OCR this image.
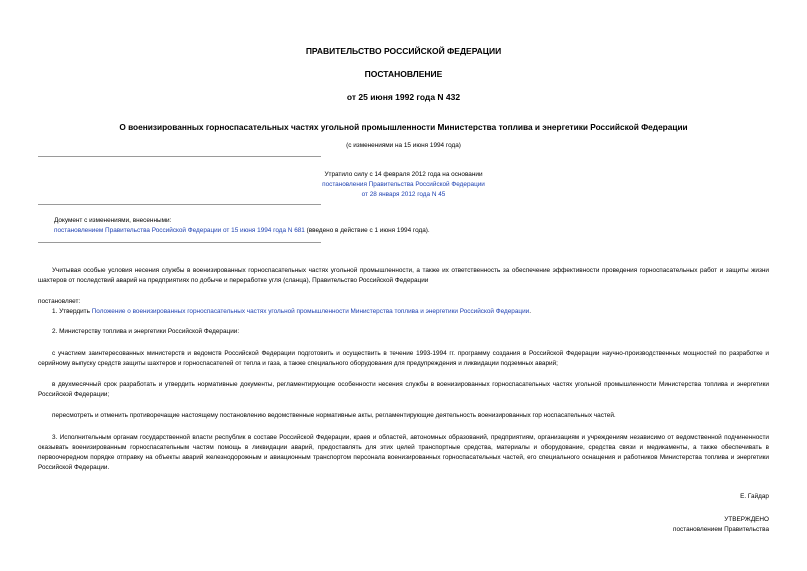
ПРАВИТЕЛЬСТВО РОССИЙСКОЙ ФЕДЕРАЦИИ
ПОСТАНОВЛЕНИЕ
от 25 июня 1992 года N 432
О военизированных горноспасательных частях угольной промышленности Министерства топлива и энергетики Российской Федерации
(с изменениями на 15 июня 1994 года)
Утратило силу с 14 февраля 2012 года на основании
постановления Правительства Российской Федерации
от 28 января 2012 года N 45
Документ с изменениями, внесенными:
постановлением Правительства Российской Федерации от 15 июня 1994 года N 681 (введено в действие с 1 июня 1994 года).
Учитывая особые условия несения службы в военизированных горноспасательных частях угольной промышленности, а также их ответственность за обеспечение эффективности проведения горноспасательных работ и защиты жизни шахтеров от последствий аварий на предприятиях по добыче и переработке угля (сланца), Правительство Российской Федерации
постановляет:
1. Утвердить Положение о военизированных горноспасательных частях угольной промышленности Министерства топлива и энергетики Российской Федерации.
2. Министерству топлива и энергетики Российской Федерации:
с участием заинтересованных министерств и ведомств Российской Федерации подготовить и осуществить в течение 1993-1994 гг. программу создания в Российской Федерации научно-производственных мощностей по разработке и серийному выпуску средств защиты шахтеров и горноспасателей от тепла и газа, а также специального оборудования для предупреждения и ликвидации подземных аварий;
в двухмесячный срок разработать и утвердить нормативные документы, регламентирующие особенности несения службы в военизированных горноспасательных частях угольной промышленности Министерства топлива и энергетики Российской Федерации;
пересмотреть и отменить противоречащие настоящему постановлению ведомственные нормативные акты, регламентирующие деятельность военизированных гор носпасательных частей.
3. Исполнительным органам государственной власти республик в составе Российской Федерации, краев и областей, автономных образований, предприятиям, организациям и учреждениям независимо от ведомственной подчиненности оказывать военизированным горноспасательным частям помощь в ликвидации аварий, предоставлять для этих целей транспортные средства, материалы и оборудование, средства связи и медикаменты, а также обеспечивать в первоочередном порядке отправку на объекты аварий железнодорожным и авиационным транспортом персонала военизированных горноспасательных частей, его специального оснащения и работников Министерства топлива и энергетики Российской Федерации.
Е. Гайдар
УТВЕРЖДЕНО
постановлением Правительства
